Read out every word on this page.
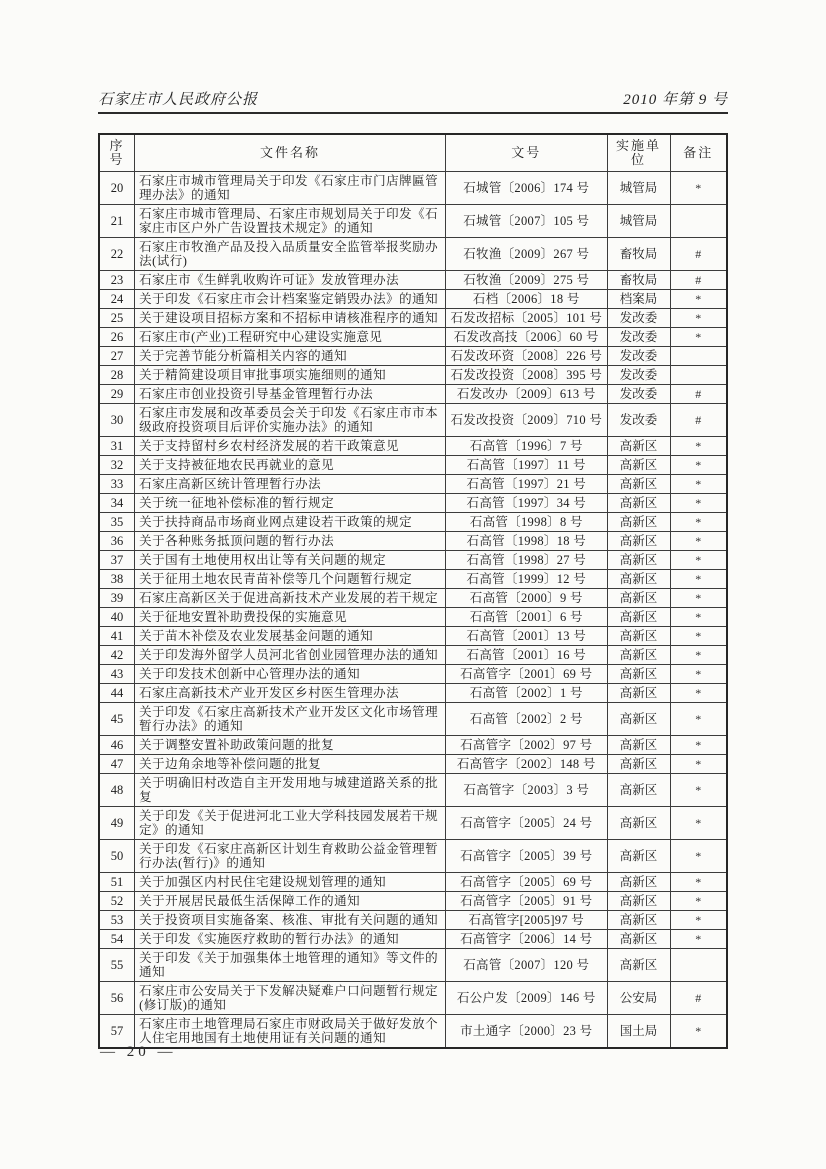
石家庄市人民政府公报	2010 年第 9 号
序号	文件名称	文号	实施单位	备注
20	石家庄市城市管理局关于印发《石家庄市门店牌匾管理办法》的通知	石城管〔2006〕174 号	城管局	*
21	石家庄市城市管理局、石家庄市规划局关于印发《石家庄市区户外广告设置技术规定》的通知	石城管〔2007〕105 号	城管局	
22	石家庄市牧渔产品及投入品质量安全监管举报奖励办法(试行)	石牧渔〔2009〕267 号	畜牧局	#
23	石家庄市《生鲜乳收购许可证》发放管理办法	石牧渔〔2009〕275 号	畜牧局	#
24	关于印发《石家庄市会计档案鉴定销毁办法》的通知	石档〔2006〕18 号	档案局	*
25	关于建设项目招标方案和不招标申请核准程序的通知	石发改招标〔2005〕101 号	发改委	*
26	石家庄市(产业)工程研究中心建设实施意见	石发改高技〔2006〕60 号	发改委	*
27	关于完善节能分析篇相关内容的通知	石发改环资〔2008〕226 号	发改委	
28	关于精简建设项目审批事项实施细则的通知	石发改投资〔2008〕395 号	发改委	
29	石家庄市创业投资引导基金管理暂行办法	石发改办〔2009〕613 号	发改委	#
30	石家庄市发展和改革委员会关于印发《石家庄市市本级政府投资项目后评价实施办法》的通知	石发改投资〔2009〕710 号	发改委	#
31	关于支持留村乡农村经济发展的若干政策意见	石高管〔1996〕7 号	高新区	*
32	关于支持被征地农民再就业的意见	石高管〔1997〕11 号	高新区	*
33	石家庄高新区统计管理暂行办法	石高管〔1997〕21 号	高新区	*
34	关于统一征地补偿标准的暂行规定	石高管〔1997〕34 号	高新区	*
35	关于扶持商品市场商业网点建设若干政策的规定	石高管〔1998〕8 号	高新区	*
36	关于各种账务抵顶问题的暂行办法	石高管〔1998〕18 号	高新区	*
37	关于国有土地使用权出让等有关问题的规定	石高管〔1998〕27 号	高新区	*
38	关于征用土地农民青苗补偿等几个问题暂行规定	石高管〔1999〕12 号	高新区	*
39	石家庄高新区关于促进高新技术产业发展的若干规定	石高管〔2000〕9 号	高新区	*
40	关于征地安置补助费投保的实施意见	石高管〔2001〕6 号	高新区	*
41	关于苗木补偿及农业发展基金问题的通知	石高管〔2001〕13 号	高新区	*
42	关于印发海外留学人员河北省创业园管理办法的通知	石高管〔2001〕16 号	高新区	*
43	关于印发技术创新中心管理办法的通知	石高管字〔2001〕69 号	高新区	*
44	石家庄高新技术产业开发区乡村医生管理办法	石高管〔2002〕1 号	高新区	*
45	关于印发《石家庄高新技术产业开发区文化市场管理暂行办法》的通知	石高管〔2002〕2 号	高新区	*
46	关于调整安置补助政策问题的批复	石高管字〔2002〕97 号	高新区	*
47	关于边角余地等补偿问题的批复	石高管字〔2002〕148 号	高新区	*
48	关于明确旧村改造自主开发用地与城建道路关系的批复	石高管字〔2003〕3 号	高新区	*
49	关于印发《关于促进河北工业大学科技园发展若干规定》的通知	石高管字〔2005〕24 号	高新区	*
50	关于印发《石家庄高新区计划生育救助公益金管理暂行办法(暂行)》的通知	石高管字〔2005〕39 号	高新区	*
51	关于加强区内村民住宅建设规划管理的通知	石高管字〔2005〕69 号	高新区	*
52	关于开展居民最低生活保障工作的通知	石高管字〔2005〕91 号	高新区	*
53	关于投资项目实施备案、核准、审批有关问题的通知	石高管字[2005]97 号	高新区	*
54	关于印发《实施医疗救助的暂行办法》的通知	石高管字〔2006〕14 号	高新区	*
55	关于印发《关于加强集体土地管理的通知》等文件的通知	石高管〔2007〕120 号	高新区	
56	石家庄市公安局关于下发解决疑难户口问题暂行规定(修订版)的通知	石公户发〔2009〕146 号	公安局	#
57	石家庄市土地管理局石家庄市财政局关于做好发放个人住宅用地国有土地使用证有关问题的通知	市土通字〔2000〕23 号	国土局	*
— 20 —
